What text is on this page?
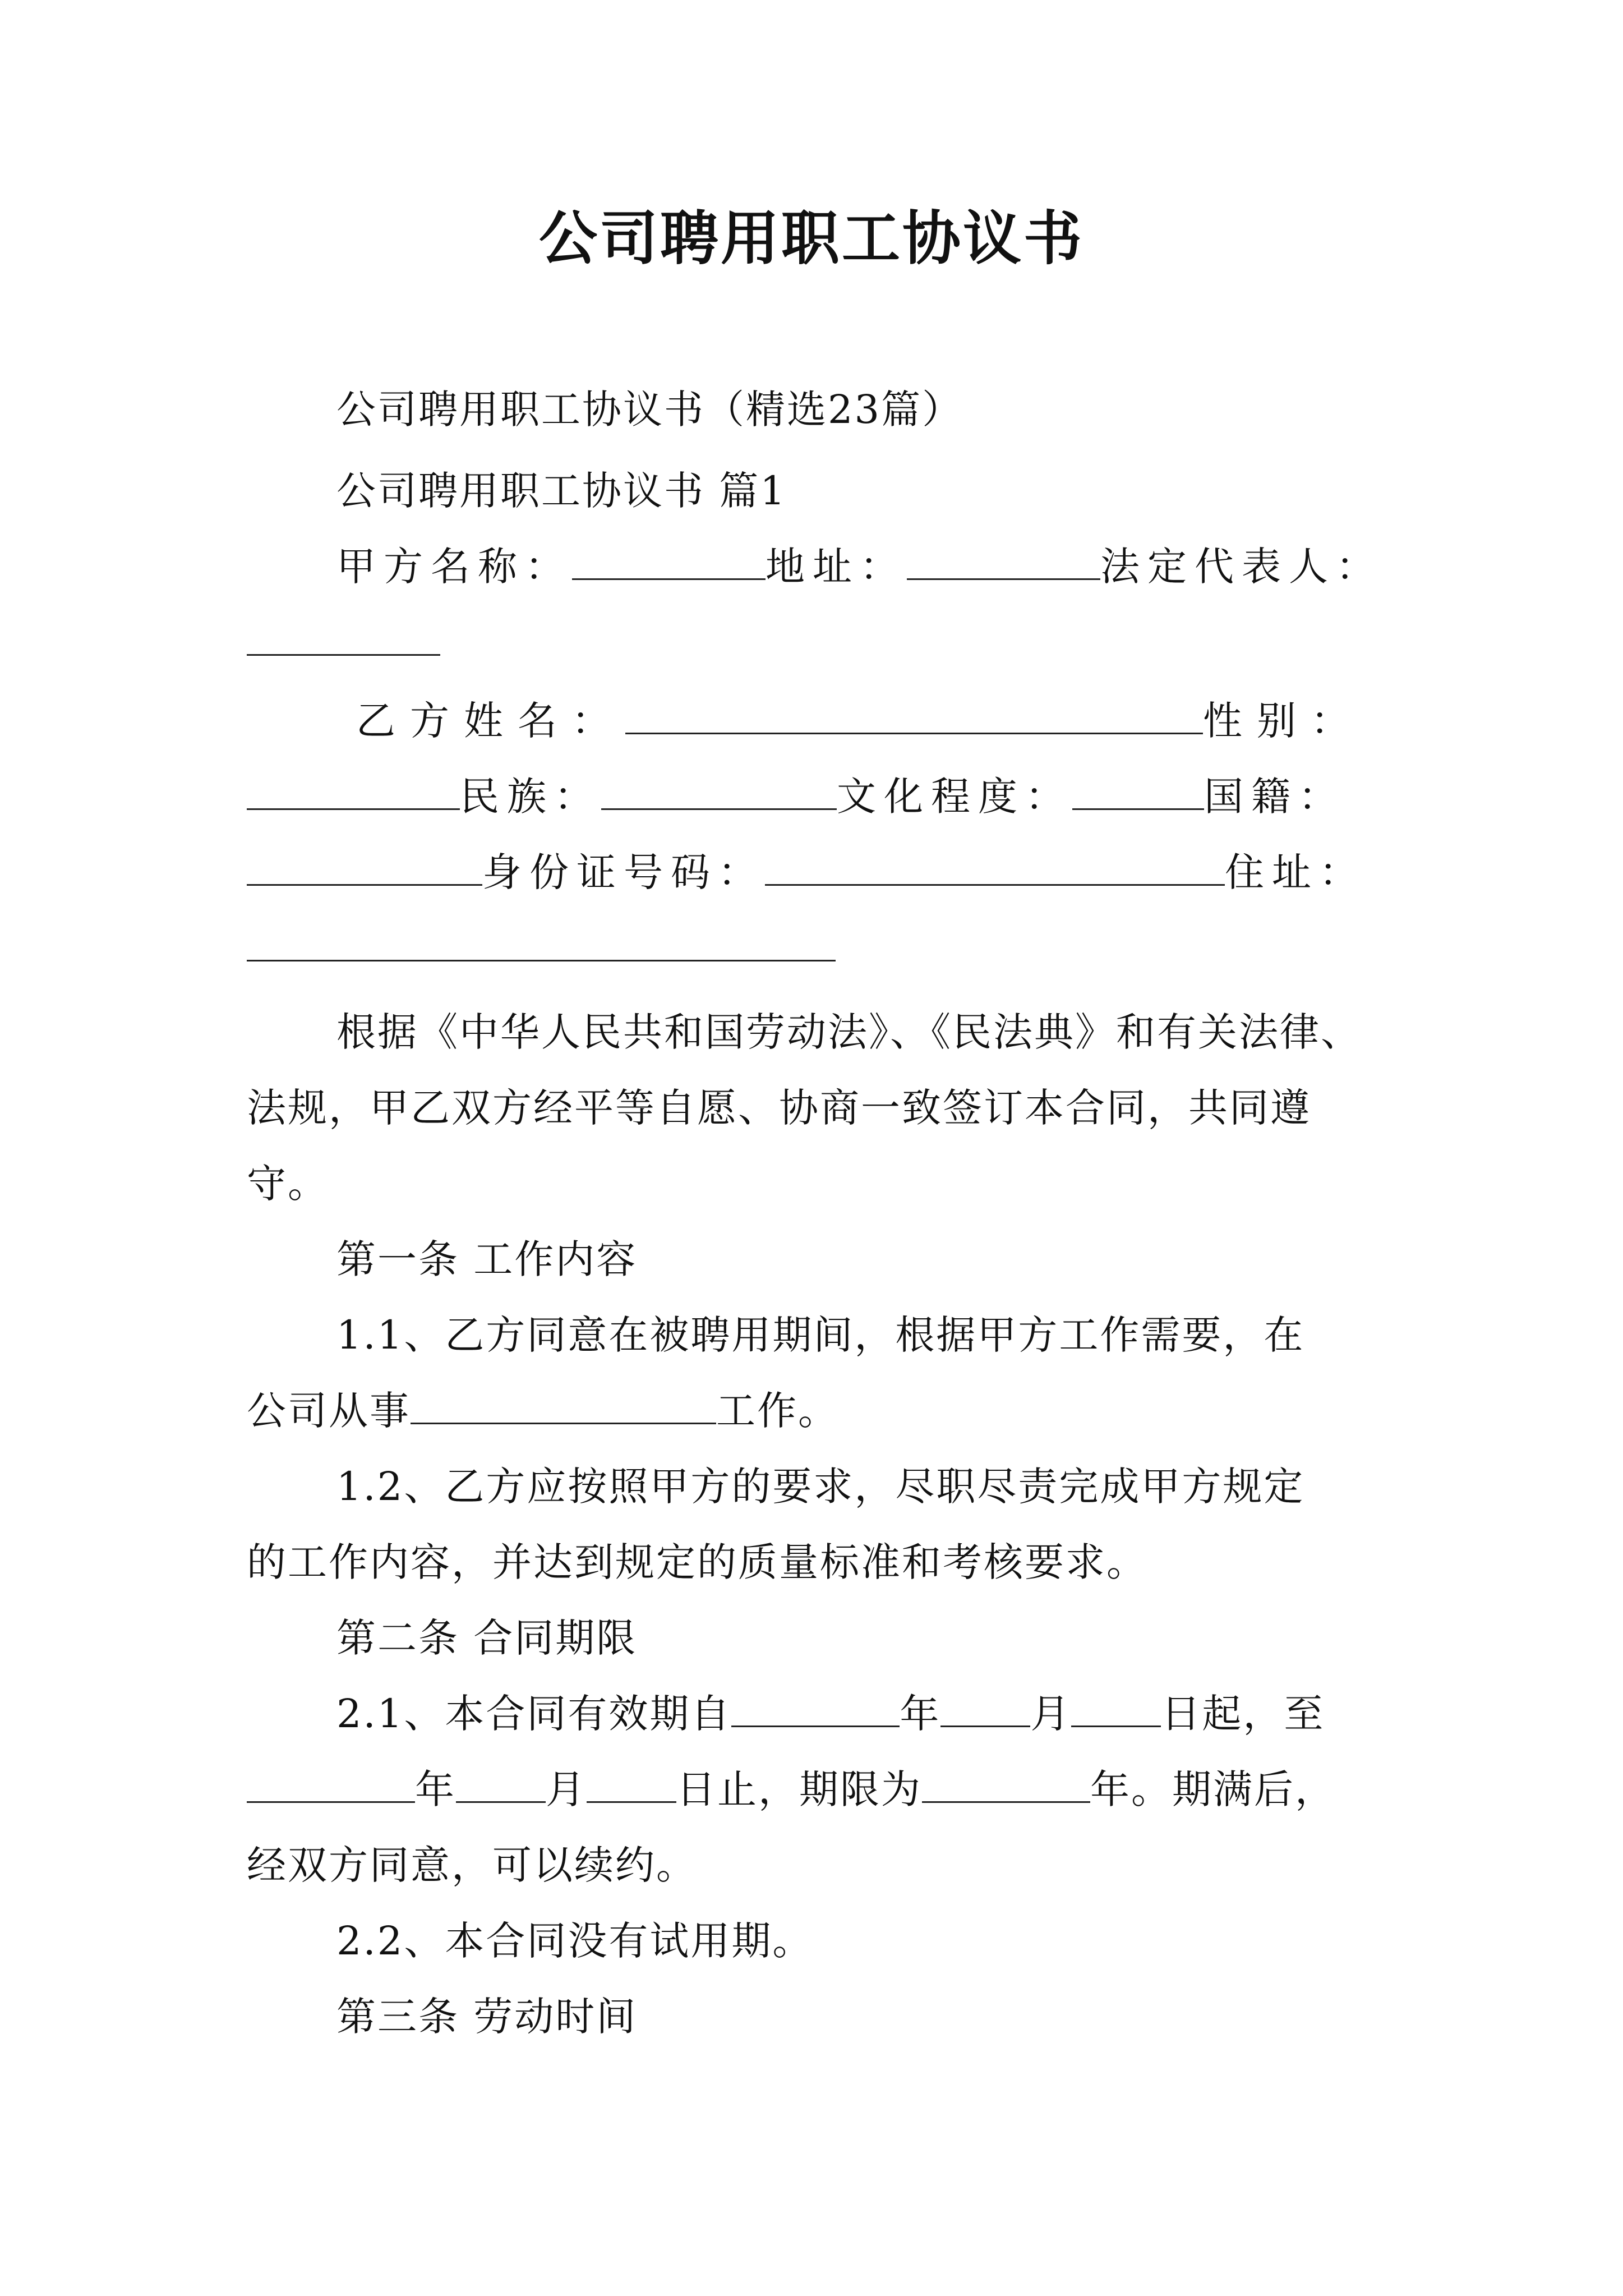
公司聘用职工协议书
公司聘用职工协议书（精选23篇）
公司聘用职工协议书 篇1
甲方名称：	地址：	法定代表人：
乙方姓名：	性别：
民族：	文化程度：	国籍：
身份证号码：	住址：
根据《中华人民共和国劳动法》、《民法典》和有关法律、
法规，甲乙双方经平等自愿、协商一致签订本合同，共同遵
守。
第一条 工作内容
1.1、乙方同意在被聘用期间，根据甲方工作需要，在
公司从事	工作。
1.2、乙方应按照甲方的要求，尽职尽责完成甲方规定
的工作内容，并达到规定的质量标准和考核要求。
第二条 合同期限
2.1、本合同有效期自	年 月 日起，至
年 月 日止，期限为	年。期满后，
经双方同意，可以续约。
2.2、本合同没有试用期。
第三条 劳动时间
